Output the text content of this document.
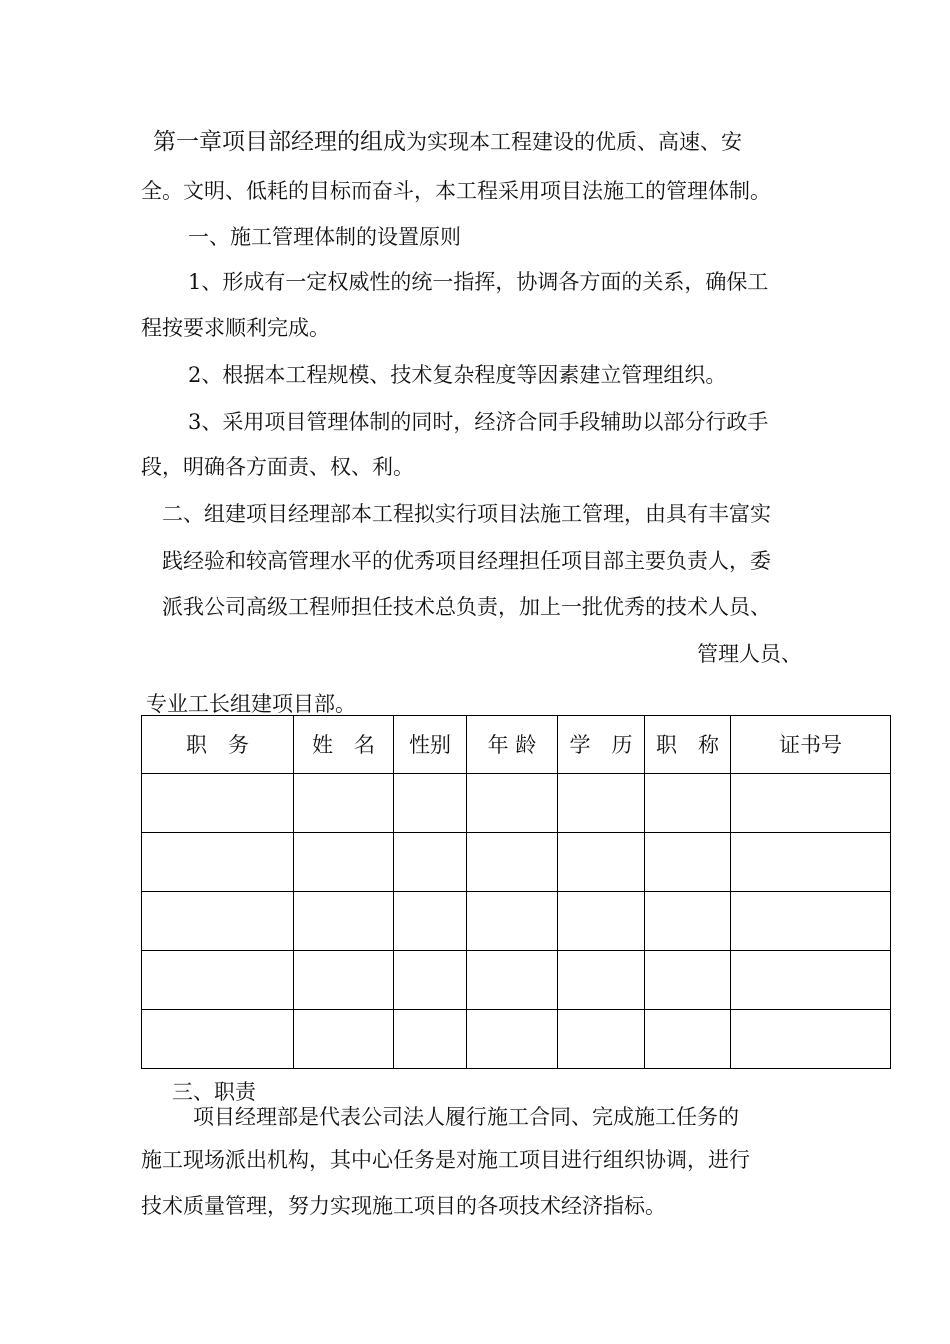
第一章项目部经理的组成为实现本工程建设的优质、高速、安
全。文明、低耗的目标而奋斗，本工程采用项目法施工的管理体制。
一、施工管理体制的设置原则
1、形成有一定权威性的统一指挥，协调各方面的关系，确保工
程按要求顺利完成。
2、根据本工程规模、技术复杂程度等因素建立管理组织。
3、采用项目管理体制的同时，经济合同手段辅助以部分行政手
段，明确各方面责、权、利。
二、组建项目经理部本工程拟实行项目法施工管理，由具有丰富实
践经验和较高管理水平的优秀项目经理担任项目部主要负责人，委
派我公司高级工程师担任技术总负责，加上一批优秀的技术人员、
管理人员、
专业工长组建项目部。
职　务	姓　名	性别	年 龄	学　历	职　称	证书号

三、职责
项目经理部是代表公司法人履行施工合同、完成施工任务的
施工现场派出机构，其中心任务是对施工项目进行组织协调，进行
技术质量管理，努力实现施工项目的各项技术经济指标。
